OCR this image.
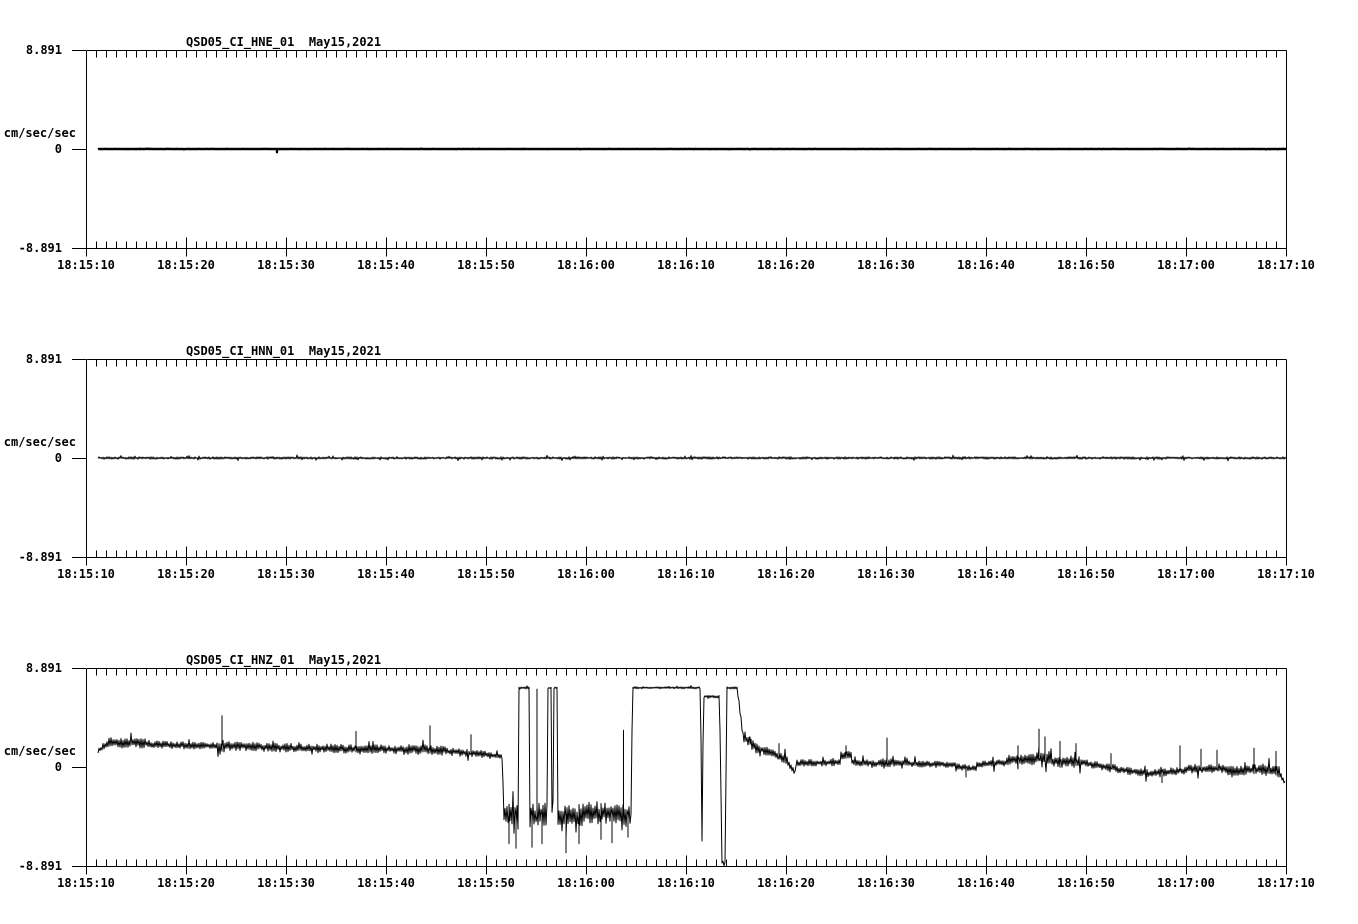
QSD05_CI_HNE_01  May15,2021
8.891
cm/sec/sec
0
-8.891
18:15:10	18:15:20	18:15:30	18:15:40	18:15:50	18:16:00	18:16:10	18:16:20	18:16:30	18:16:40	18:16:50	18:17:00	18:17:10
QSD05_CI_HNN_01  May15,2021
8.891
cm/sec/sec
0
-8.891
18:15:10	18:15:20	18:15:30	18:15:40	18:15:50	18:16:00	18:16:10	18:16:20	18:16:30	18:16:40	18:16:50	18:17:00	18:17:10
QSD05_CI_HNZ_01  May15,2021
8.891
cm/sec/sec
0
-8.891
18:15:10	18:15:20	18:15:30	18:15:40	18:15:50	18:16:00	18:16:10	18:16:20	18:16:30	18:16:40	18:16:50	18:17:00	18:17:10
